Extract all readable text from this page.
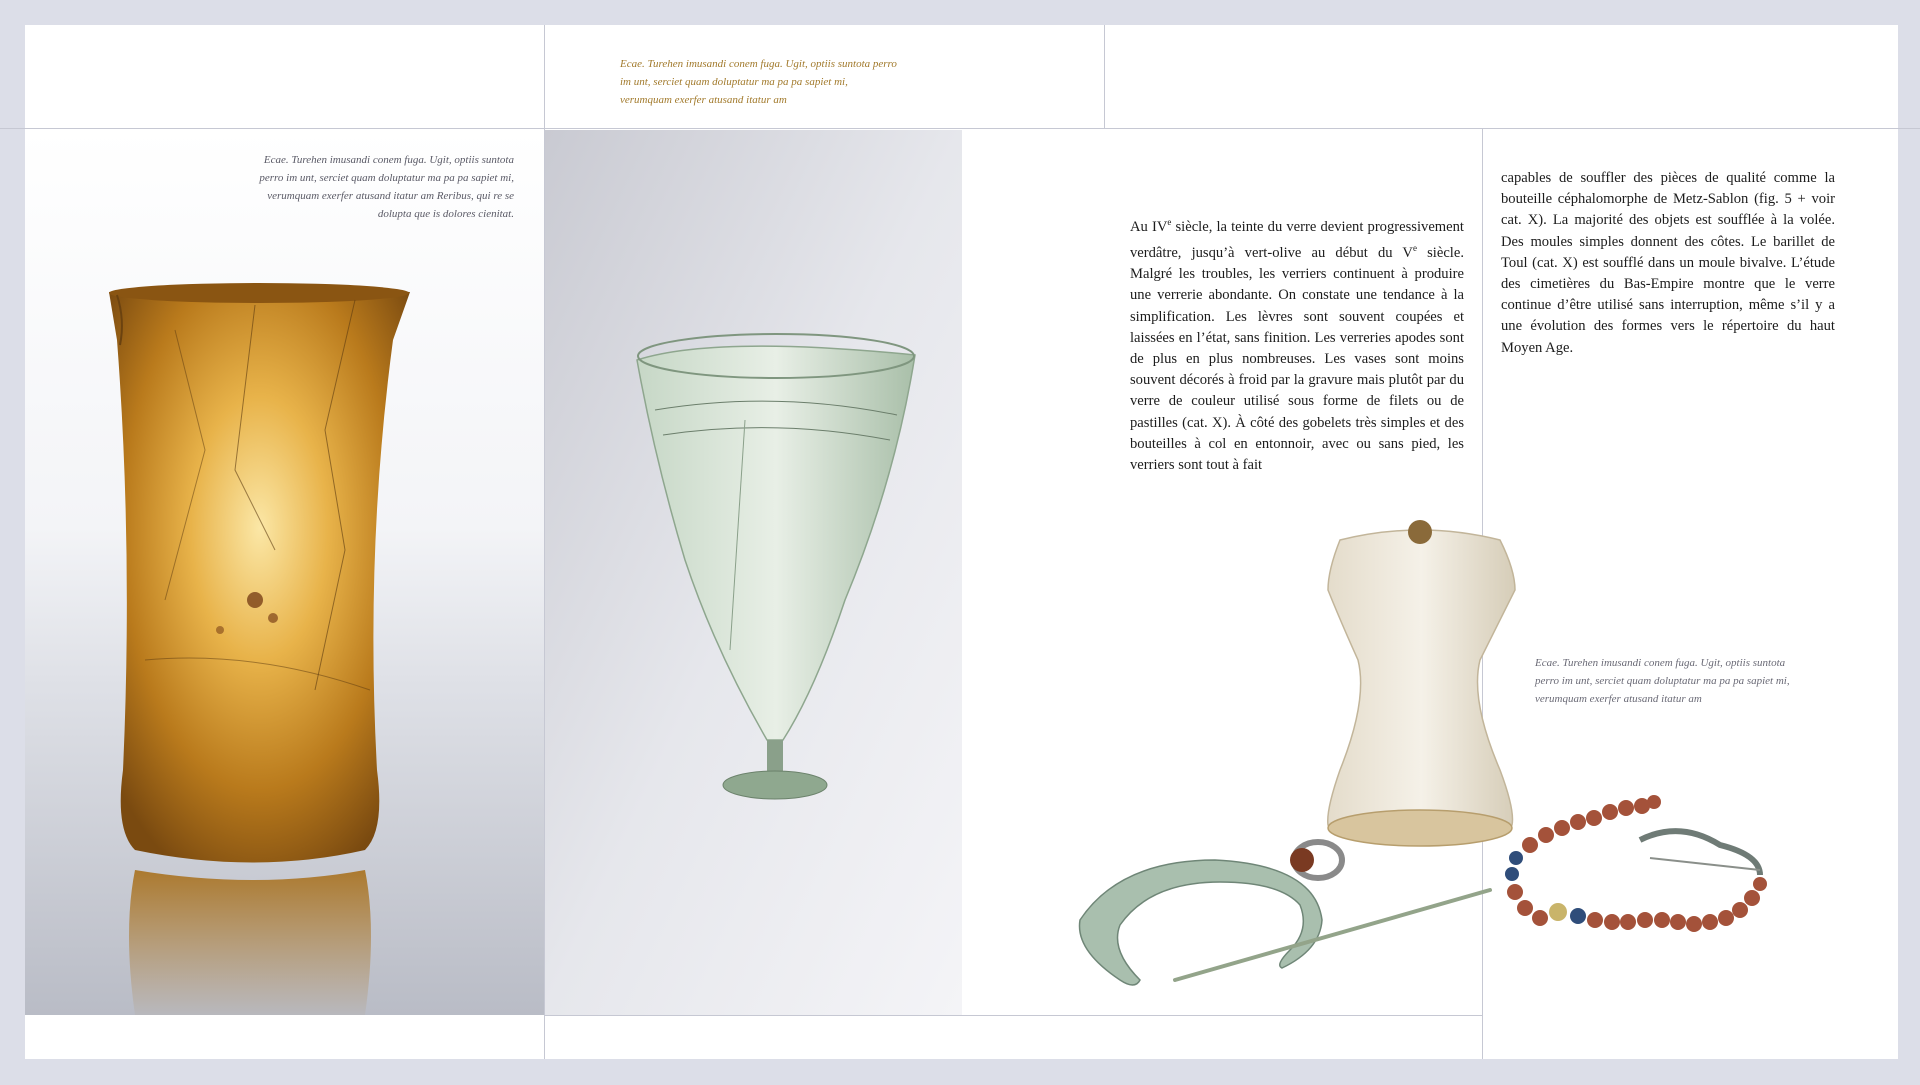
Ecae. Turehen imusandi conem fuga. Ugit, optiis suntota perro im unt, serciet quam doluptatur ma pa pa sapiet mi, verumquam exerfer atusand itatur am
Ecae. Turehen imusandi conem fuga. Ugit, optiis suntota perro im unt, serciet quam doluptatur ma pa pa sapiet mi, verumquam exerfer atusand itatur am Reribus, qui re se dolupta que is dolores cienitat.
Ecae. Turehen imusandi conem fuga. Ugit, optiis suntota perro im unt, serciet quam doluptatur ma pa pa sapiet mi, verumquam exerfer atusand itatur am

Au IVe siècle, la teinte du verre devient progressivement verdâtre, jusqu’à vert-olive au début du Ve siècle. Malgré les troubles, les verriers continuent à produire une verrerie abondante. On constate une tendance à la simplification. Les lèvres sont souvent coupées et laissées en l’état, sans finition. Les verreries apodes sont de plus en plus nombreuses. Les vases sont moins souvent décorés à froid par la gravure mais plutôt par du verre de couleur utilisé sous forme de filets ou de pastilles (cat. X). À côté des gobelets très simples et des bouteilles à col en entonnoir, avec ou sans pied, les verriers sont tout à fait

capables de souffler des pièces de qualité comme la bouteille céphalomorphe de Metz-Sablon (fig. 5 + voir cat. X). La majorité des objets est soufflée à la volée. Des moules simples donnent des côtes. Le barillet de Toul (cat. X) est soufflé dans un moule bivalve. L’étude des cimetières du Bas-Empire montre que le verre continue d’être utilisé sans interruption, même s’il y a une évolution des formes vers le répertoire du haut Moyen Age.
